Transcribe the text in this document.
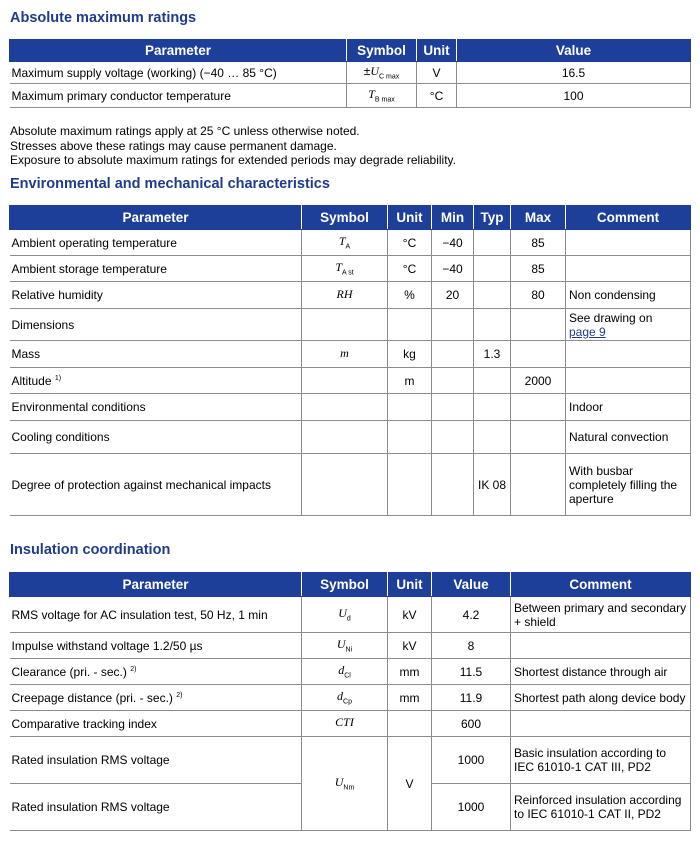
Absolute maximum ratings
Parameter	Symbol	Unit	Value
Maximum supply voltage (working) (−40 … 85 °C)	$\pm U_{C max}$	V	16.5
Maximum primary conductor temperature	$T_{B max}$	°C	100
Absolute maximum ratings apply at 25 °C unless otherwise noted.
Stresses above these ratings may cause permanent damage.
Exposure to absolute maximum ratings for extended periods may degrade reliability.
Environmental and mechanical characteristics
Parameter	Symbol	Unit	Min	Typ	Max	Comment
Ambient operating temperature	$T_A$	°C	−40		85	
Ambient storage temperature	$T_{A st}$	°C	−40		85	
Relative humidity	RH	%	20		80	Non condensing
Dimensions						See drawing on
page 9
Mass	m	kg		1.3		
Altitude $^{1)}$		m			2000	
Environmental conditions						Indoor
Cooling conditions						Natural convection
Degree of protection against mechanical impacts				IK 08		With busbar completely filling the aperture
Insulation coordination
Parameter	Symbol	Unit	Value	Comment
RMS voltage for AC insulation test, 50 Hz, 1 min	$U_d$	kV	4.2	Between primary and secondary + shield
Impulse withstand voltage 1.2/50 µs	$U_{Ni}$	kV	8	
Clearance (pri. - sec.) $^{2)}$	$d_{Cl}$	mm	11.5	Shortest distance through air
Creepage distance (pri. - sec.) $^{2)}$	$d_{Cp}$	mm	11.9	Shortest path along device body
Comparative tracking index	CTI		600	
Rated insulation RMS voltage	$U_{Nm}$	V	1000	Basic insulation according to IEC 61010-1 CAT III, PD2
Rated insulation RMS voltage			1000	Reinforced insulation according to IEC 61010-1 CAT II, PD2
